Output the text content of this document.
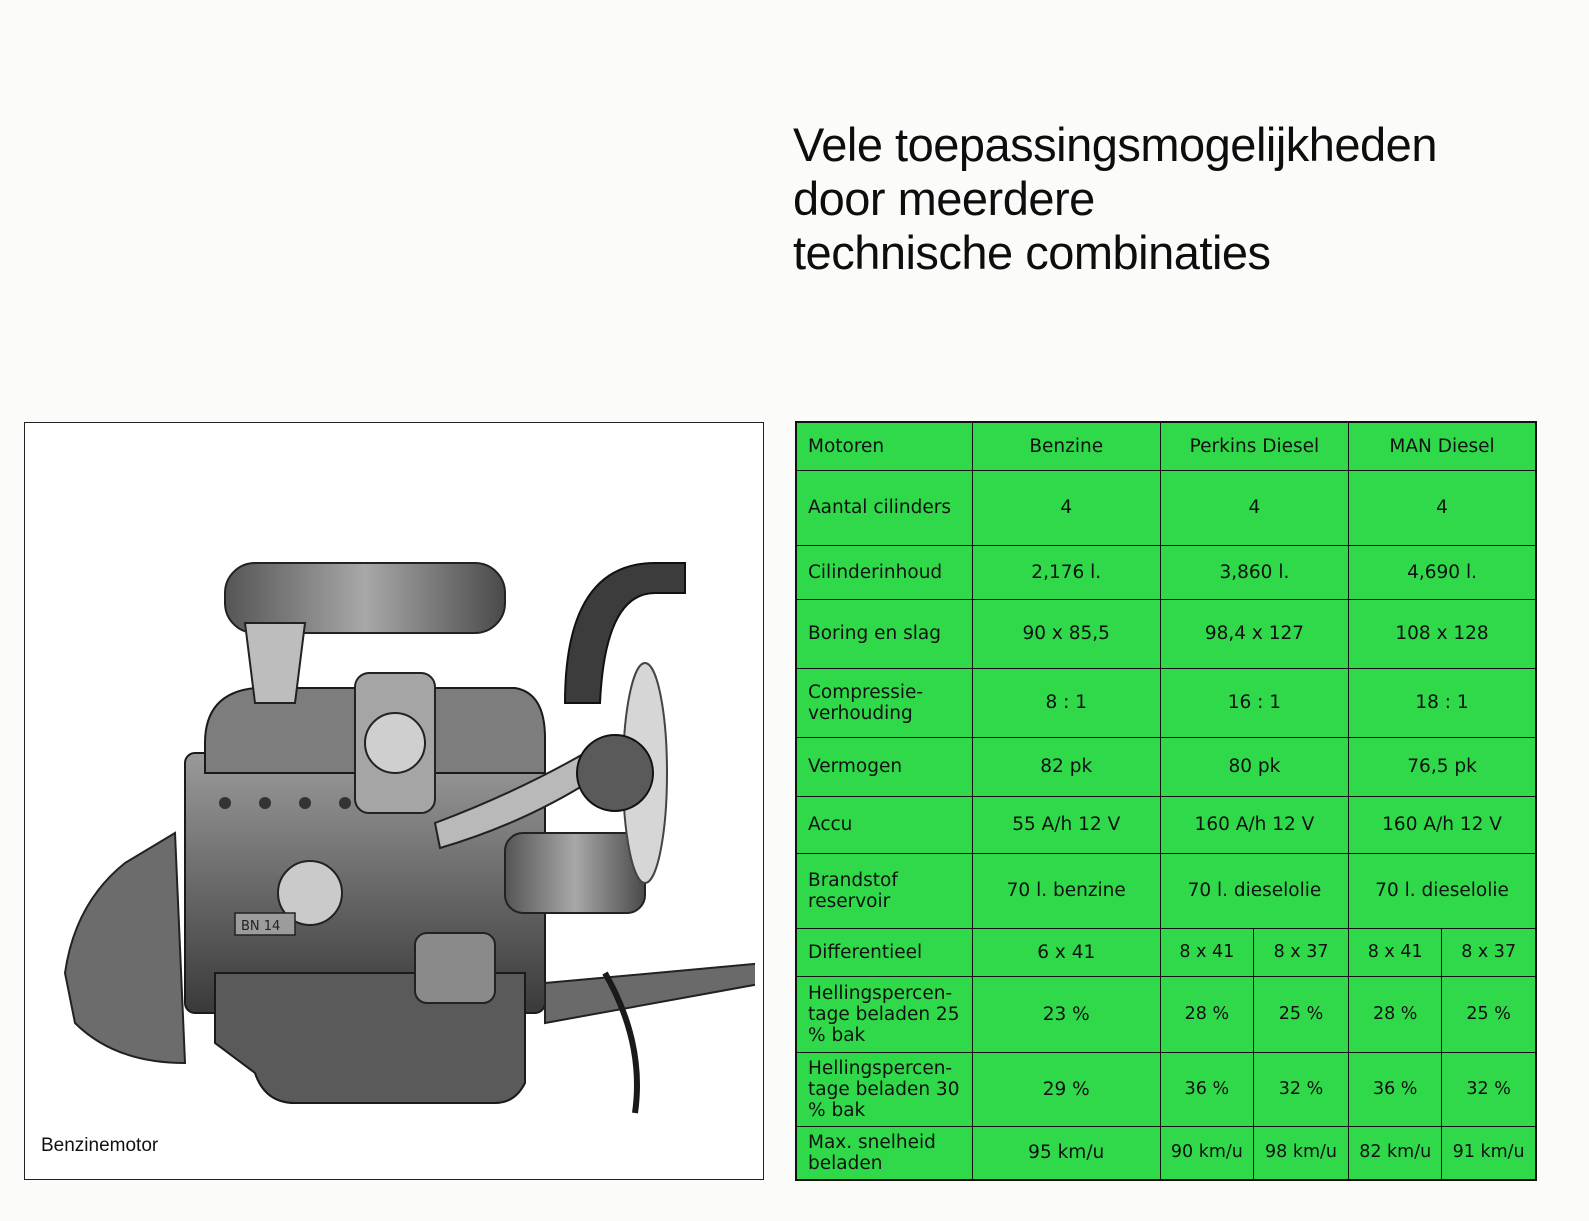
Vele toepassingsmogelijkheden
door meerdere
technische combinaties
BN 14
Benzinemotor
Motoren	Benzine	Perkins Diesel		MAN Diesel	
Aantal cilinders	4	4		4	
Cilinderinhoud	2,176 l.	3,860 l.		4,690 l.	
Boring en slag	90 x 85,5	98,4 x 127		108 x 128	
Compressie-verhouding	8 : 1	16 : 1		18 : 1	
Vermogen	82 pk	80 pk		76,5 pk	
Accu	55 A/h 12 V	160 A/h 12 V		160 A/h 12 V	
Brandstof reservoir	70 l. benzine	70 l. dieselolie		70 l. dieselolie	
Differentieel	6 x 41	8 x 41	8 x 37	8 x 41	8 x 37
Hellingspercen-tage beladen 25 % bak	23 %	28 %	25 %	28 %	25 %
Hellingspercen-tage beladen 30 % bak	29 %	36 %	32 %	36 %	32 %
Max. snelheid beladen	95 km/u	90 km/u	98 km/u	82 km/u	91 km/u
